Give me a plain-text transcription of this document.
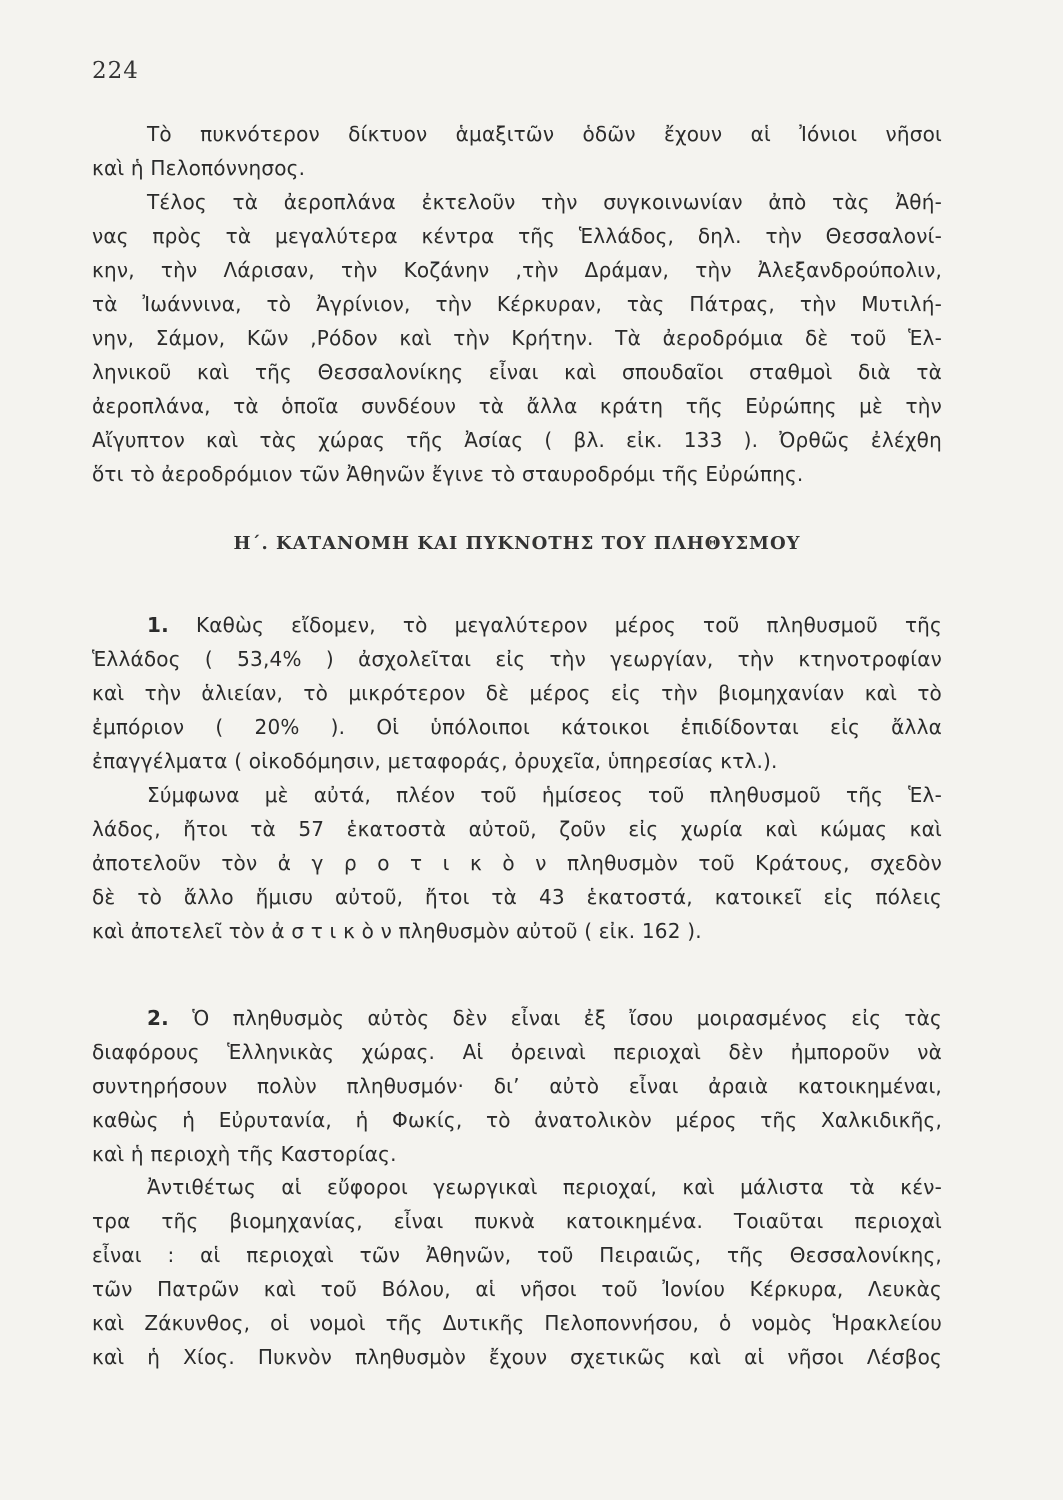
224
Τὸ πυκνότερον δίκτυον ἁμαξιτῶν ὁδῶν ἔχουν αἱ Ἰόνιοι νῆσοι
καὶ ἡ Πελοπόννησος.
Τέλος τὰ ἀεροπλάνα ἐκτελοῦν τὴν συγκοινωνίαν ἀπὸ τὰς Ἀθή-
νας πρὸς τὰ μεγαλύτερα κέντρα τῆς Ἑλλάδος, δηλ. τὴν Θεσσαλονί-
κην, τὴν Λάρισαν, τὴν Κοζάνην ,τὴν Δράμαν, τὴν Ἀλεξανδρούπολιν,
τὰ Ἰωάννινα, τὸ Ἀγρίνιον, τὴν Κέρκυραν, τὰς Πάτρας, τὴν Μυτιλή-
νην, Σάμον, Κῶν ,Ρόδον καὶ τὴν Κρήτην. Τὰ ἀεροδρόμια δὲ τοῦ Ἑλ-
ληνικοῦ καὶ τῆς Θεσσαλονίκης εἶναι καὶ σπουδαῖοι σταθμοὶ διὰ τὰ
ἀεροπλάνα, τὰ ὁποῖα συνδέουν τὰ ἄλλα κράτη τῆς Εὐρώπης μὲ τὴν
Αἴγυπτον καὶ τὰς χώρας τῆς Ἀσίας ( βλ. εἰκ. 133 ). Ὀρθῶς ἐλέχθη
ὅτι τὸ ἀεροδρόμιον τῶν Ἀθηνῶν ἔγινε τὸ σταυροδρόμι τῆς Εὐρώπης.
Η΄. ΚΑΤΑΝΟΜΗ ΚΑΙ ΠΥΚΝΟΤΗΣ ΤΟΥ ΠΛΗΘΥΣΜΟΥ
1. Καθὼς εἴδομεν, τὸ μεγαλύτερον μέρος τοῦ πληθυσμοῦ τῆς
Ἑλλάδος ( 53,4% ) ἀσχολεῖται εἰς τὴν γεωργίαν, τὴν κτηνοτροφίαν
καὶ τὴν ἁλιείαν, τὸ μικρότερον δὲ μέρος εἰς τὴν βιομηχανίαν καὶ τὸ
ἐμπόριον ( 20% ). Οἱ ὑπόλοιποι κάτοικοι ἐπιδίδονται εἰς ἄλλα
ἐπαγγέλματα ( οἰκοδόμησιν, μεταφοράς, ὀρυχεῖα, ὑπηρεσίας κτλ.).
Σύμφωνα μὲ αὐτά, πλέον τοῦ ἡμίσεος τοῦ πληθυσμοῦ τῆς Ἑλ-
λάδος, ἤτοι τὰ 57 ἑκατοστὰ αὐτοῦ, ζοῦν εἰς χωρία καὶ κώμας καὶ
ἀποτελοῦν τὸν ἀ γ ρ ο τ ι κ ὸ ν πληθυσμὸν τοῦ Κράτους, σχεδὸν
δὲ τὸ ἄλλο ἥμισυ αὐτοῦ, ἤτοι τὰ 43 ἑκατοστά, κατοικεῖ εἰς πόλεις
καὶ ἀποτελεῖ τὸν ἀ σ τ ι κ ὸ ν πληθυσμὸν αὐτοῦ ( εἰκ. 162 ).
2. Ὁ πληθυσμὸς αὐτὸς δὲν εἶναι ἐξ ἴσου μοιρασμένος εἰς τὰς
διαφόρους Ἑλληνικὰς χώρας. Αἱ ὀρειναὶ περιοχαὶ δὲν ἠμποροῦν νὰ
συντηρήσουν πολὺν πληθυσμόν· δι’ αὐτὸ εἶναι ἀραιὰ κατοικημέναι,
καθὼς ἡ Εὐρυτανία, ἡ Φωκίς, τὸ ἀνατολικὸν μέρος τῆς Χαλκιδικῆς,
καὶ ἡ περιοχὴ τῆς Καστορίας.
Ἀντιθέτως αἱ εὔφοροι γεωργικαὶ περιοχαί, καὶ μάλιστα τὰ κέν-
τρα τῆς βιομηχανίας, εἶναι πυκνὰ κατοικημένα. Τοιαῦται περιοχαὶ
εἶναι : αἱ περιοχαὶ τῶν Ἀθηνῶν, τοῦ Πειραιῶς, τῆς Θεσσαλονίκης,
τῶν Πατρῶν καὶ τοῦ Βόλου, αἱ νῆσοι τοῦ Ἰονίου Κέρκυρα, Λευκὰς
καὶ Ζάκυνθος, οἱ νομοὶ τῆς Δυτικῆς Πελοποννήσου, ὁ νομὸς Ἡρακλείου
καὶ ἡ Χίος. Πυκνὸν πληθυσμὸν ἔχουν σχετικῶς καὶ αἱ νῆσοι Λέσβος
